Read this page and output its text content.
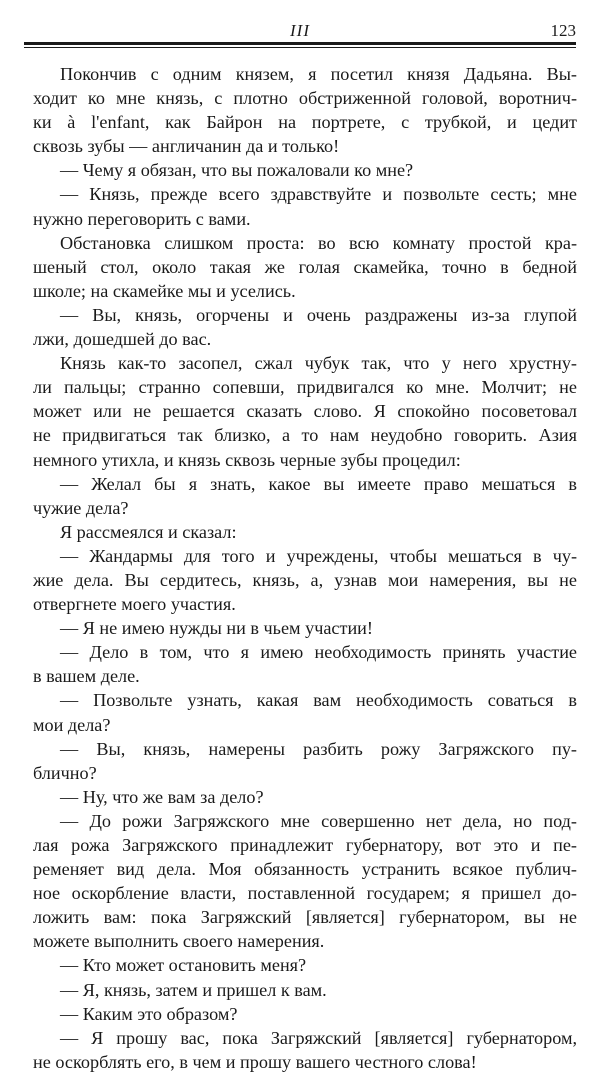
III	123
Покончив с одним князем, я посетил князя Дадьяна. Вы-
ходит ко мне князь, с плотно обстриженной головой, воротнич-
ки à l'enfant, как Байрон на портрете, с трубкой, и цедит
сквозь зубы — англичанин да и только!
— Чему я обязан, что вы пожаловали ко мне?
— Князь, прежде всего здравствуйте и позвольте сесть; мне
нужно переговорить с вами.
Обстановка слишком проста: во всю комнату простой кра-
шеный стол, около такая же голая скамейка, точно в бедной
школе; на скамейке мы и уселись.
— Вы, князь, огорчены и очень раздражены из-за глупой
лжи, дошедшей до вас.
Князь как-то засопел, сжал чубук так, что у него хрустну-
ли пальцы; странно сопевши, придвигался ко мне. Молчит; не
может или не решается сказать слово. Я спокойно посоветовал
не придвигаться так близко, а то нам неудобно говорить. Азия
немного утихла, и князь сквозь черные зубы процедил:
— Желал бы я знать, какое вы имеете право мешаться в
чужие дела?
Я рассмеялся и сказал:
— Жандармы для того и учреждены, чтобы мешаться в чу-
жие дела. Вы сердитесь, князь, а, узнав мои намерения, вы не
отвергнете моего участия.
— Я не имею нужды ни в чьем участии!
— Дело в том, что я имею необходимость принять участие
в вашем деле.
— Позвольте узнать, какая вам необходимость соваться в
мои дела?
— Вы, князь, намерены разбить рожу Загряжского пу-
блично?
— Ну, что же вам за дело?
— До рожи Загряжского мне совершенно нет дела, но под-
лая рожа Загряжского принадлежит губернатору, вот это и пе-
ременяет вид дела. Моя обязанность устранить всякое публич-
ное оскорбление власти, поставленной государем; я пришел до-
ложить вам: пока Загряжский [является] губернатором, вы не
можете выполнить своего намерения.
— Кто может остановить меня?
— Я, князь, затем и пришел к вам.
— Каким это образом?
— Я прошу вас, пока Загряжский [является] губернатором,
не оскорблять его, в чем и прошу вашего честного слова!
